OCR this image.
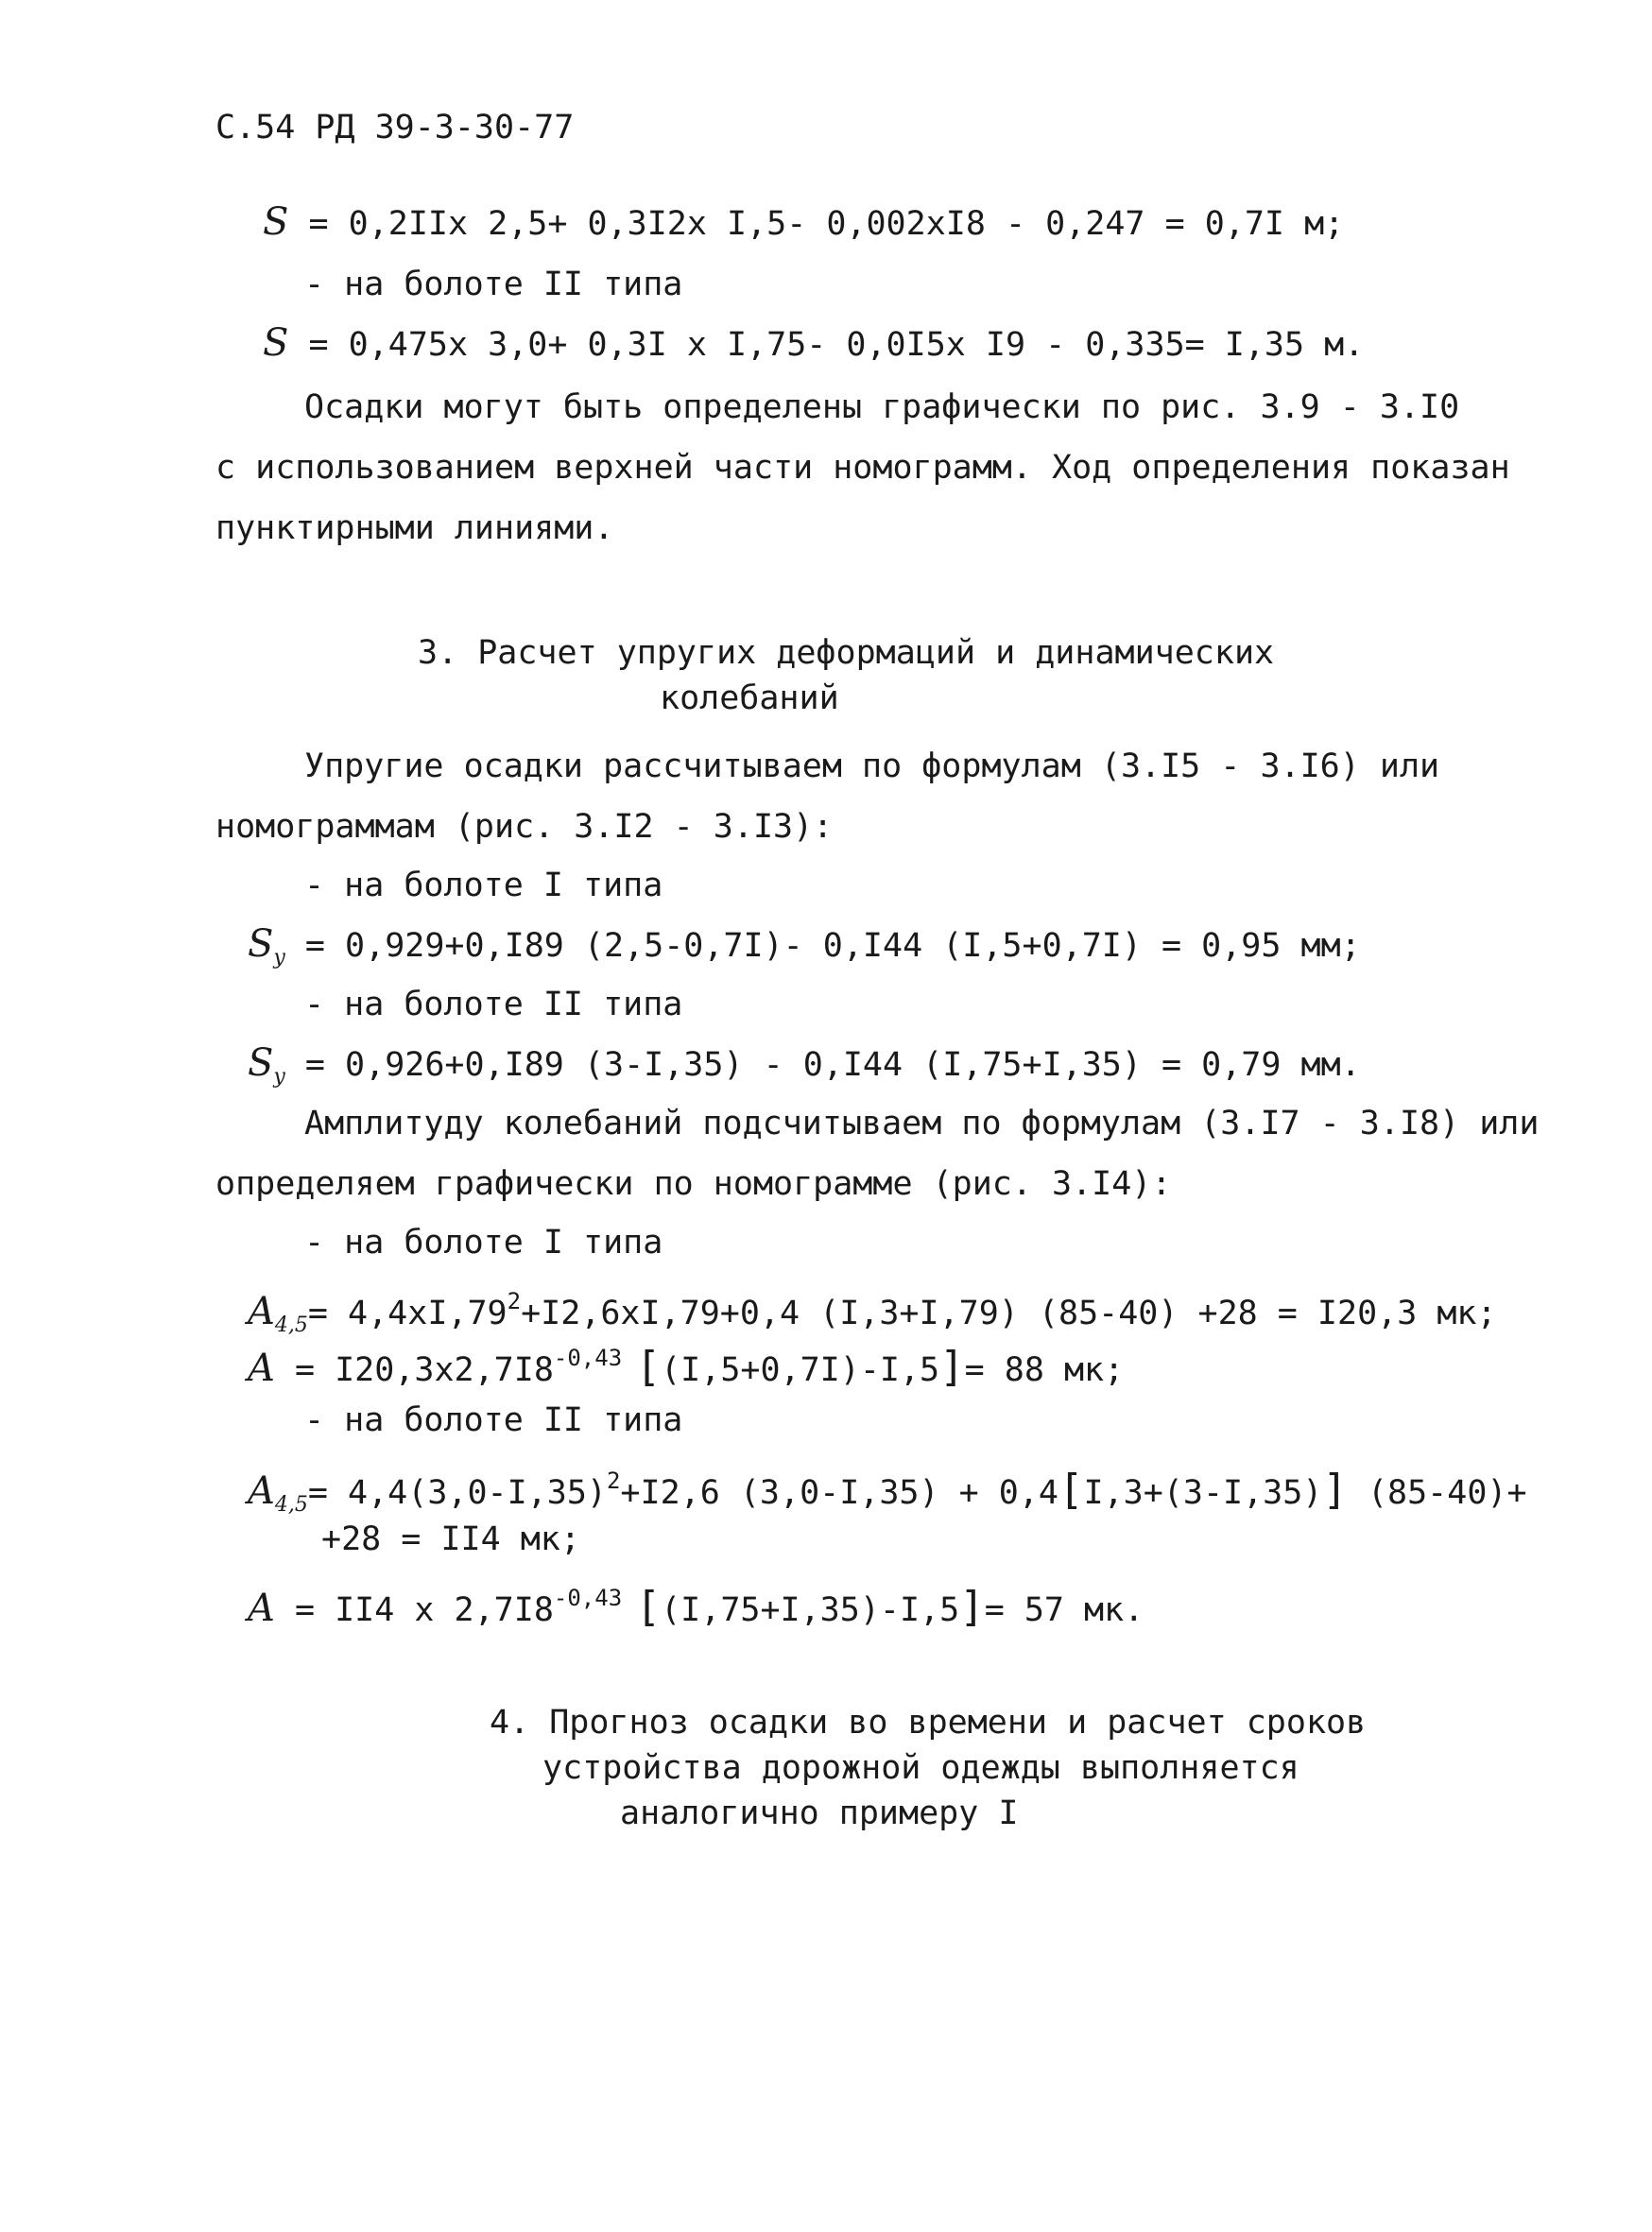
С.54 РД 39-3-30-77
S = 0,2IIx 2,5+ 0,3I2x I,5- 0,002xI8 - 0,247 = 0,7I м;
- на болоте II типа
S = 0,475x 3,0+ 0,3I x I,75- 0,0I5x I9 - 0,335= I,35 м.
Осадки могут быть определены графически по рис. 3.9 - 3.I0
с использованием верхней части номограмм. Ход определения показан
пунктирными линиями.
3. Расчет упругих деформаций и динамических
колебаний
Упругие осадки рассчитываем по формулам (3.I5 - 3.I6) или
номограммам (рис. 3.I2 - 3.I3):
- на болоте I типа
$S_y = 0,929+0,I89$ (2,5-0,7I)- 0,I44 (I,5+0,7I) = 0,95 мм;
- на болоте II типа
$S_y = 0,926+0,I89$ (3-I,35) - 0,I44 (I,75+I,35) = 0,79 мм.
Амплитуду колебаний подсчитываем по формулам (3.I7 - 3.I8) или
определяем графически по номограмме (рис. 3.I4):
- на болоте I типа
$A_{4,5}= 4,4xI,79^2+I2,6xI,79+0,4$ (I,3+I,79) (85-40) +28 = I20,3 мк;
$A = I20,3x2,7I8^{-0,43}$ [(I,5+0,7I)-I,5]= 88 мк;
- на болоте II типа
$A_{4,5}= 4,4(3,0-I,35)^2+I2,6$ (3,0-I,35) + 0,4[I,3+(3-I,35)] (85-40)+
+28 = II4 мк;
A = II4 x $2,7I8^{-0,43}$ [(I,75+I,35)-I,5]= 57 мк.
4. Прогноз осадки во времени и расчет сроков
устройства дорожной одежды выполняется
аналогично примеру I
